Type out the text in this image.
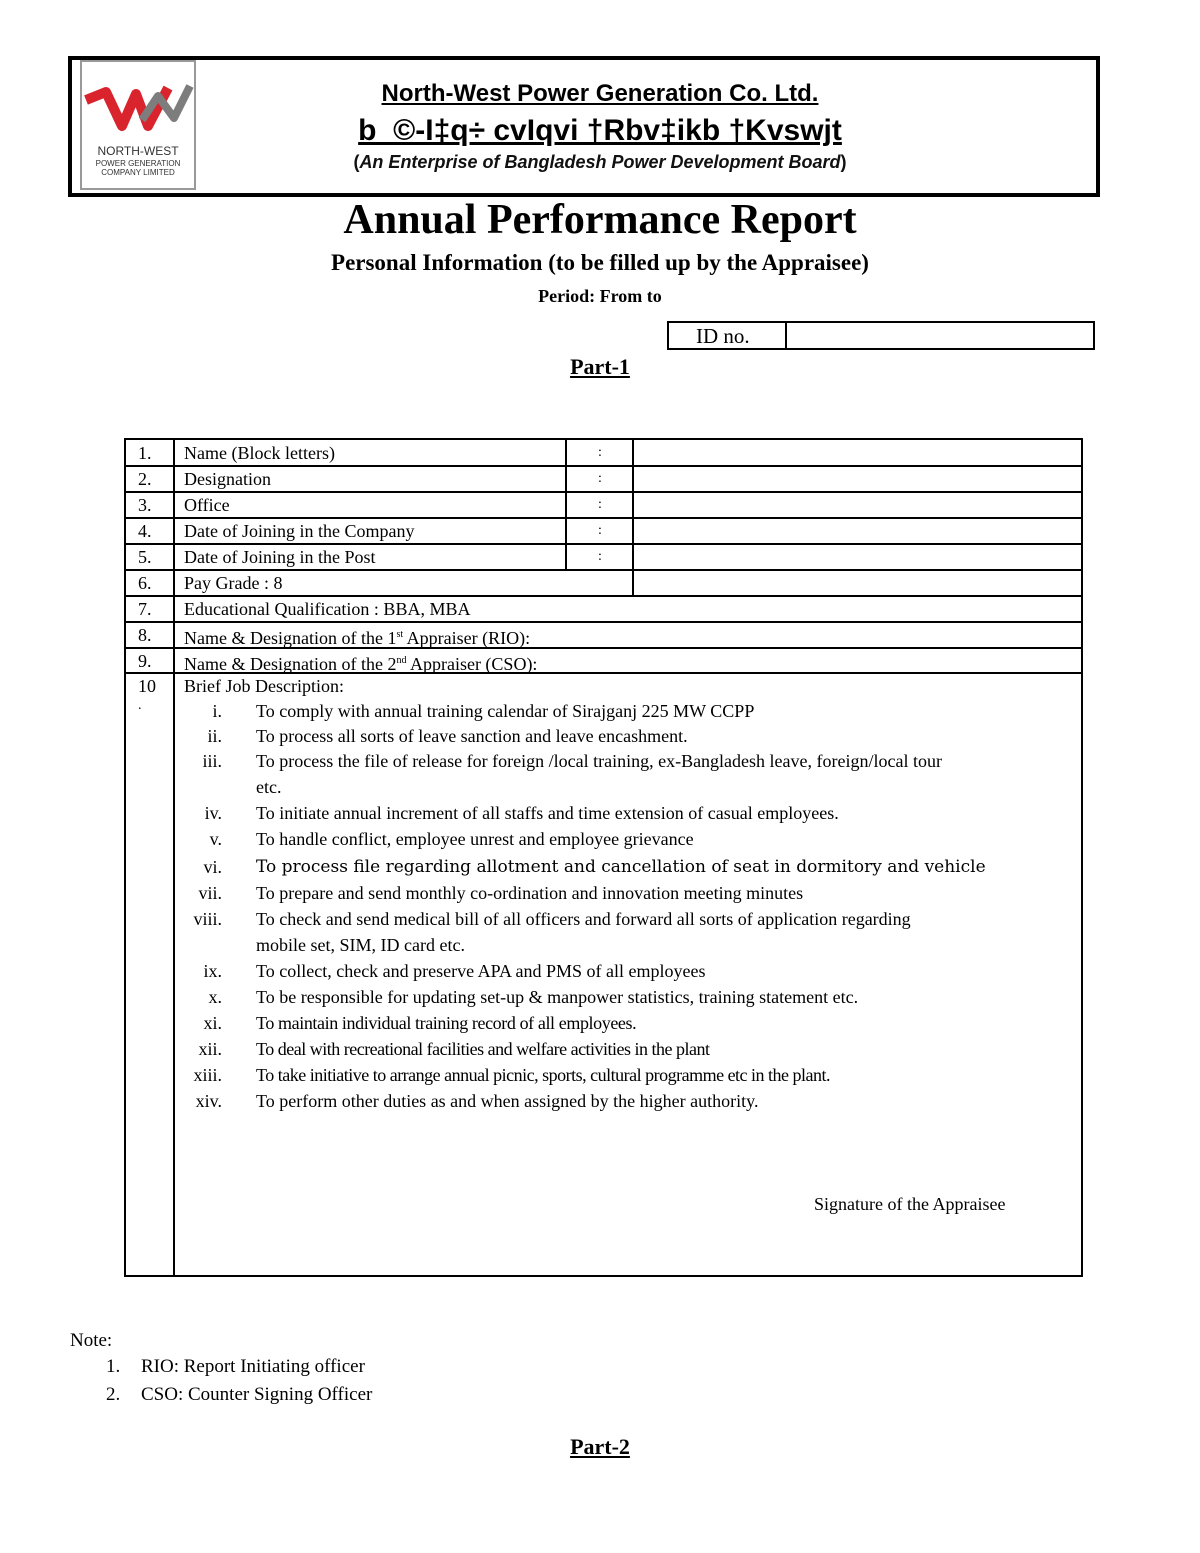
NORTH-WEST
POWER GENERATION
COMPANY LIMITED
North-West Power Generation Co. Ltd.
b_©-I‡q÷ cvIqvi †Rbv‡ikb †Kvswjt
(An Enterprise of Bangladesh Power Development Board)
Annual Performance Report
Personal Information (to be filled up by the Appraisee)
Period: From to
ID no.
Part-1
1.	Name (Block letters)	:
2.	Designation	:
3.	Office	:
4.	Date of Joining in the Company	:
5.	Date of Joining in the Post	:
6.	Pay Grade : 8
7.	Educational Qualification : BBA, MBA
8.	Name & Designation of the 1st Appraiser (RIO):
9.	Name & Designation of the 2nd Appraiser (CSO):
10
.
Brief Job Description:
i. To comply with annual training calendar of Sirajganj 225 MW CCPP
ii. To process all sorts of leave sanction and leave encashment.
iii. To process the file of release for foreign /local training, ex-Bangladesh leave, foreign/local tour
etc.
iv. To initiate annual increment of all staffs and time extension of casual employees.
v. To handle conflict, employee unrest and employee grievance
vi. To process file regarding allotment and cancellation of seat in dormitory and vehicle
vii. To prepare and send monthly co-ordination and innovation meeting minutes
viii. To check and send medical bill of all officers and forward all sorts of application regarding
mobile set, SIM, ID card etc.
ix. To collect, check and preserve APA and PMS of all employees
x. To be responsible for updating set-up & manpower statistics, training statement etc.
xi. To maintain individual training record of all employees.
xii. To deal with recreational facilities and welfare activities in the plant
xiii. To take initiative to arrange annual picnic, sports, cultural programme etc in the plant.
xiv. To perform other duties as and when assigned by the higher authority.
Signature of the Appraisee
Note:
1. RIO: Report Initiating officer
2. CSO: Counter Signing Officer
Part-2
